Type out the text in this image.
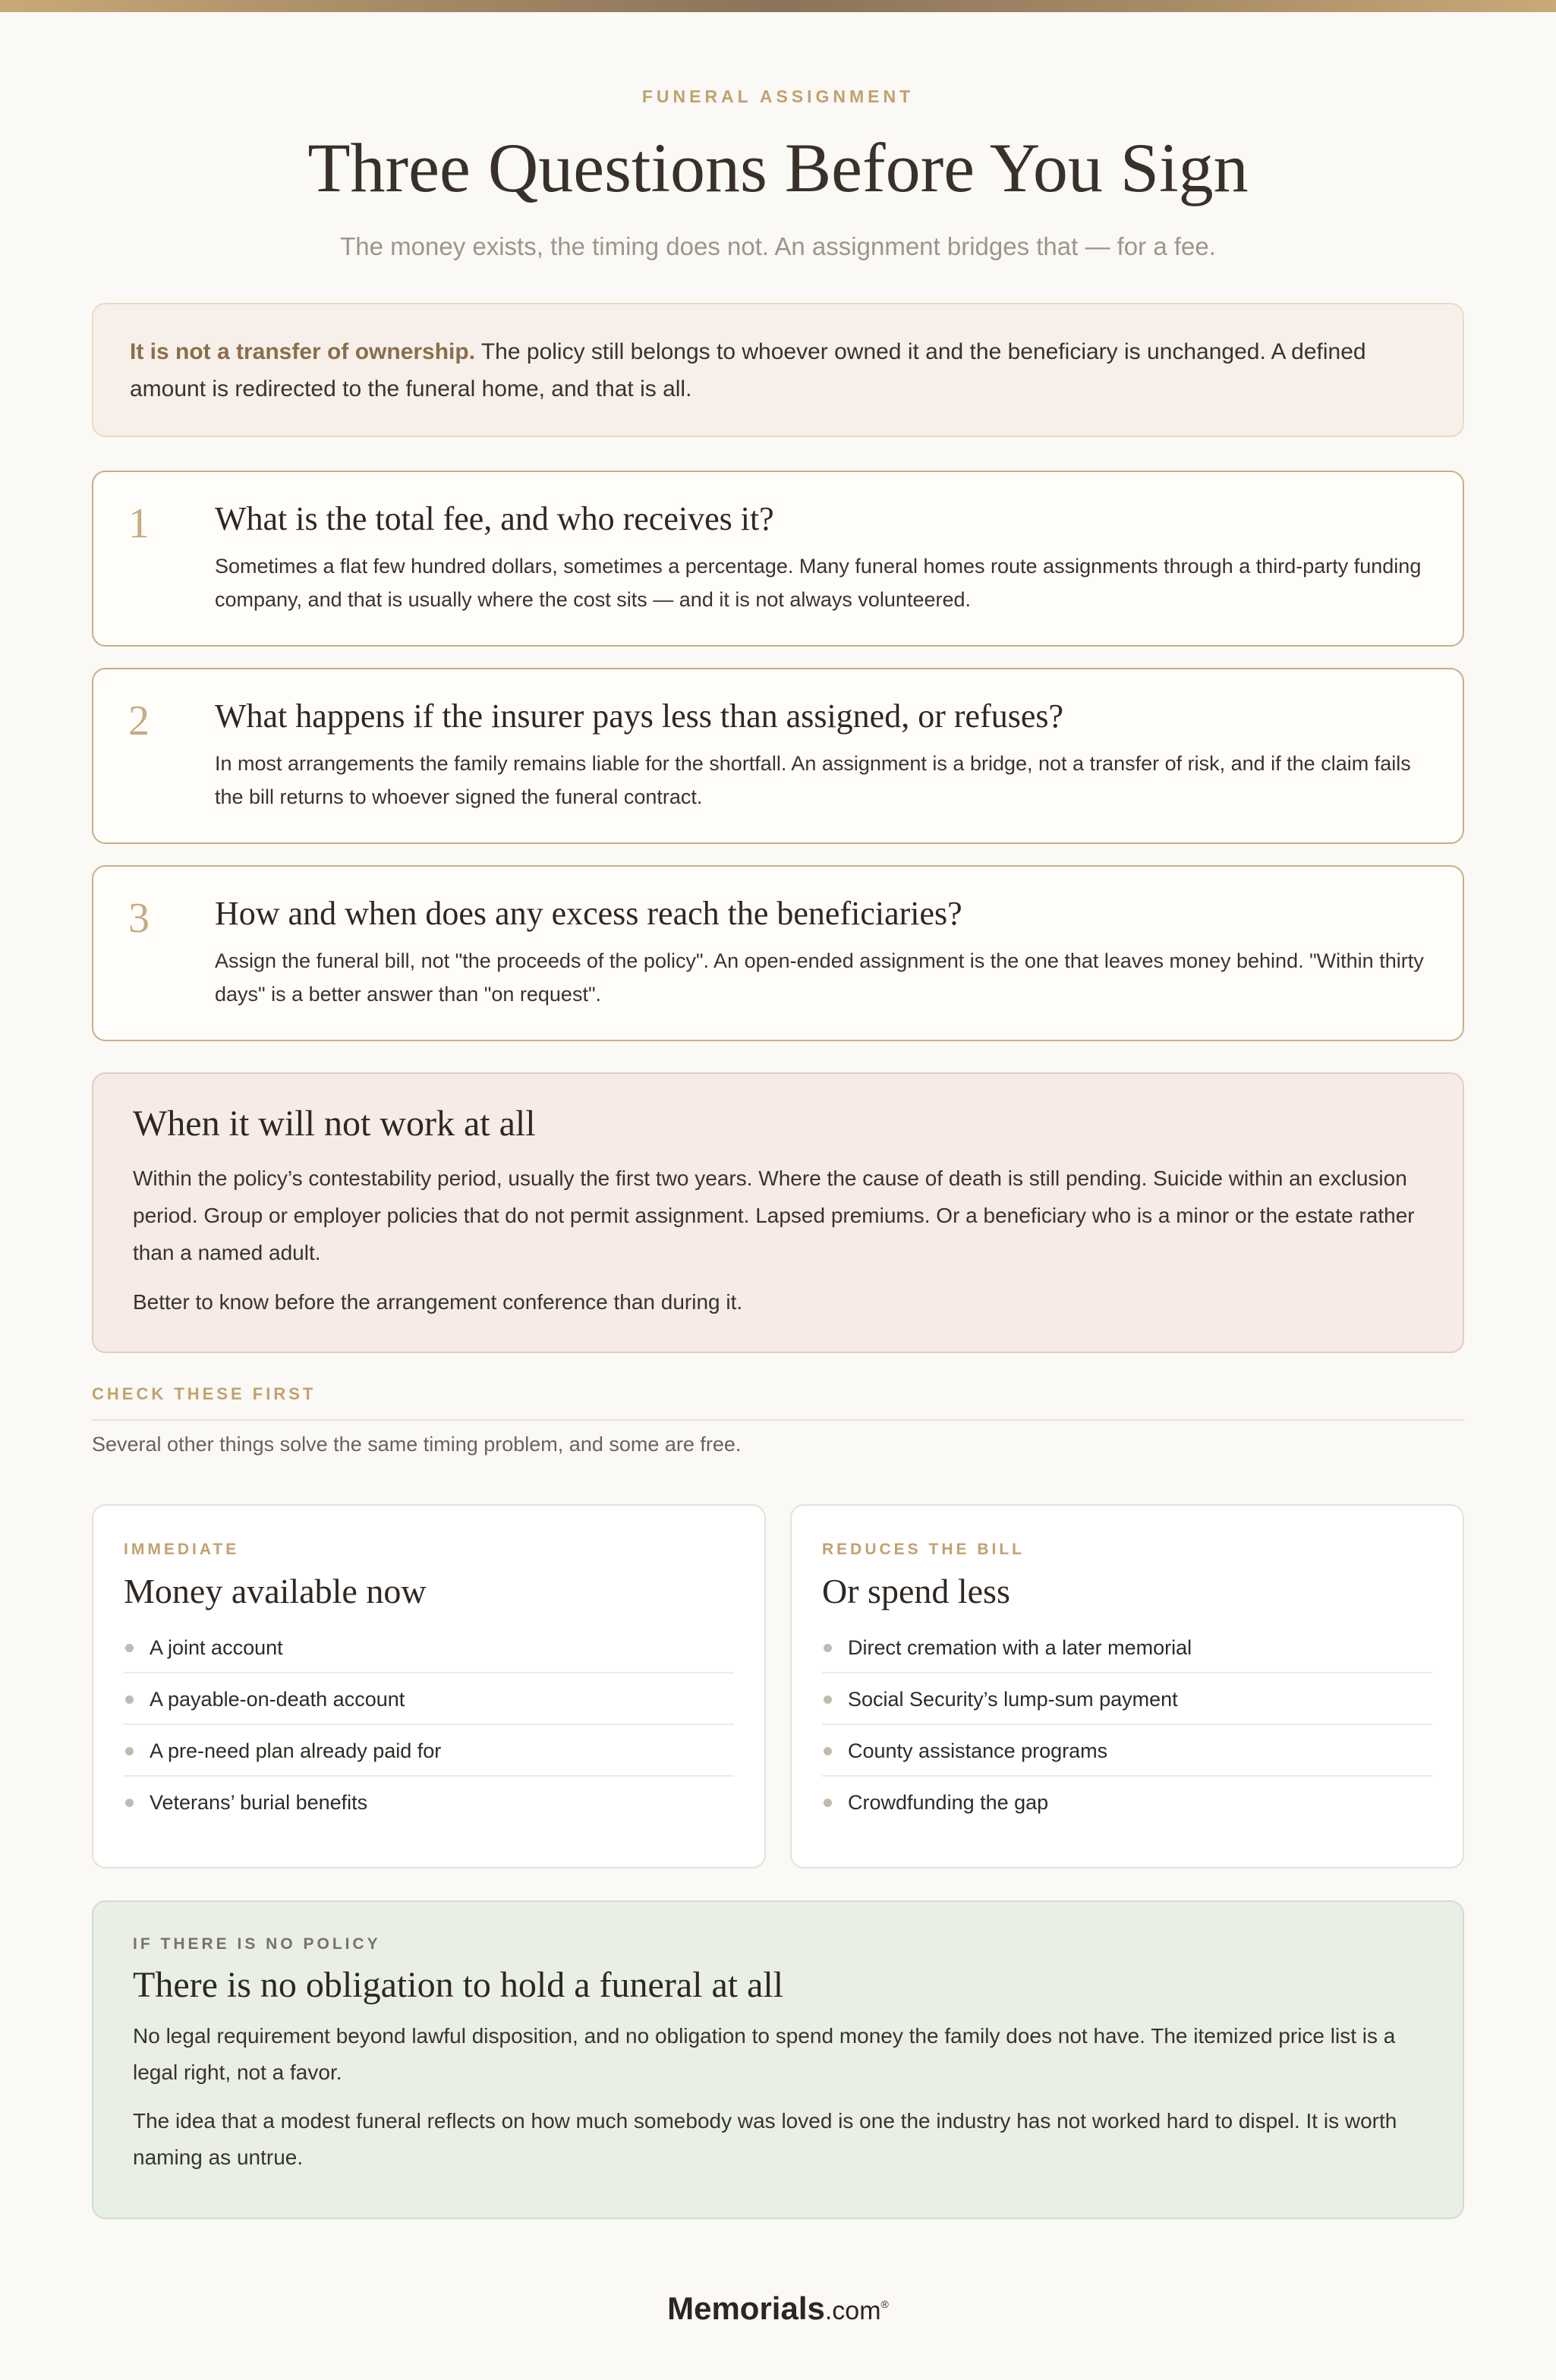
FUNERAL ASSIGNMENT
Three Questions Before You Sign
The money exists, the timing does not. An assignment bridges that — for a fee.
It is not a transfer of ownership. The policy still belongs to whoever owned it and the beneficiary is unchanged. A defined amount is redirected to the funeral home, and that is all.
1 What is the total fee, and who receives it?
Sometimes a flat few hundred dollars, sometimes a percentage. Many funeral homes route assignments through a third-party funding company, and that is usually where the cost sits — and it is not always volunteered.
2 What happens if the insurer pays less than assigned, or refuses?
In most arrangements the family remains liable for the shortfall. An assignment is a bridge, not a transfer of risk, and if the claim fails the bill returns to whoever signed the funeral contract.
3 How and when does any excess reach the beneficiaries?
Assign the funeral bill, not "the proceeds of the policy". An open-ended assignment is the one that leaves money behind. "Within thirty days" is a better answer than "on request".
When it will not work at all

Within the policy’s contestability period, usually the first two years. Where the cause of death is still pending. Suicide within an exclusion period. Group or employer policies that do not permit assignment. Lapsed premiums. Or a beneficiary who is a minor or the estate rather than a named adult.

Better to know before the arrangement conference than during it.

CHECK THESE FIRST
Several other things solve the same timing problem, and some are free.
IMMEDIATE
Money available now
A joint account
A payable-on-death account
A pre-need plan already paid for
Veterans’ burial benefits
REDUCES THE BILL
Or spend less
Direct cremation with a later memorial
Social Security’s lump-sum payment
County assistance programs
Crowdfunding the gap
IF THERE IS NO POLICY
There is no obligation to hold a funeral at all

No legal requirement beyond lawful disposition, and no obligation to spend money the family does not have. The itemized price list is a legal right, not a favor.

The idea that a modest funeral reflects on how much somebody was loved is one the industry has not worked hard to dispel. It is worth naming as untrue.

Memorials.com®
